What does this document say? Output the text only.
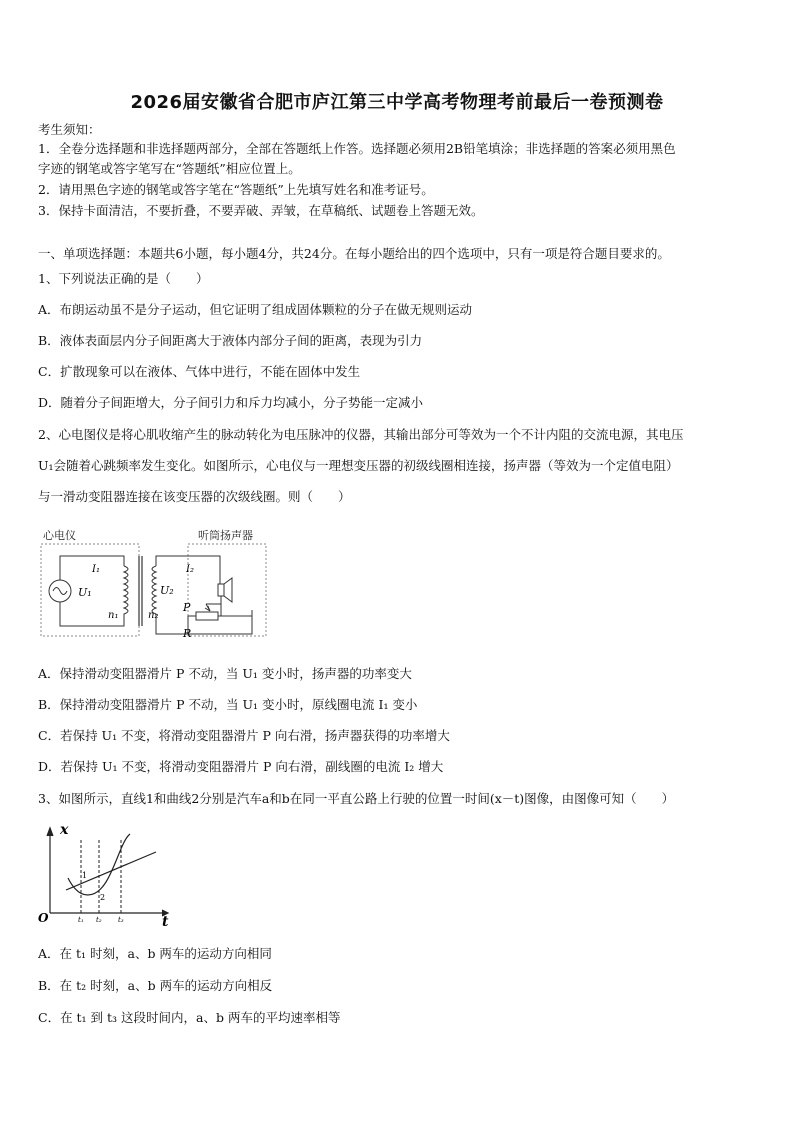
2026届安徽省合肥市庐江第三中学高考物理考前最后一卷预测卷
考生须知：
1．全卷分选择题和非选择题两部分，全部在答题纸上作答。选择题必须用2B铅笔填涂；非选择题的答案必须用黑色
字迹的钢笔或答字笔写在“答题纸”相应位置上。
2．请用黑色字迹的钢笔或答字笔在“答题纸”上先填写姓名和准考证号。
3．保持卡面清洁，不要折叠，不要弄破、弄皱，在草稿纸、试题卷上答题无效。
一、单项选择题：本题共6小题，每小题4分，共24分。在每小题给出的四个选项中，只有一项是符合题目要求的。
1、下列说法正确的是（　　）
A．布朗运动虽不是分子运动，但它证明了组成固体颗粒的分子在做无规则运动
B．液体表面层内分子间距离大于液体内部分子间的距离，表现为引力
C．扩散现象可以在液体、气体中进行，不能在固体中发生
D．随着分子间距增大，分子间引力和斥力均减小，分子势能一定减小
2、心电图仪是将心肌收缩产生的脉动转化为电压脉冲的仪器，其输出部分可等效为一个不计内阻的交流电源，其电压
U₁会随着心跳频率发生变化。如图所示，心电仪与一理想变压器的初级线圈相连接，扬声器（等效为一个定值电阻）
与一滑动变阻器连接在该变压器的次级线圈。则（　　）
心电仪	听筒扬声器
I₁
U₁
n₁
U₂
n₂
I₂
P
R
A．保持滑动变阻器滑片 P 不动，当 U₁ 变小时，扬声器的功率变大
B．保持滑动变阻器滑片 P 不动，当 U₁ 变小时，原线圈电流 I₁ 变小
C．若保持 U₁ 不变，将滑动变阻器滑片 P 向右滑，扬声器获得的功率增大
D．若保持 U₁ 不变，将滑动变阻器滑片 P 向右滑，副线圈的电流 I₂ 增大
3、如图所示，直线1和曲线2分别是汽车a和b在同一平直公路上行驶的位置一时间(x－t)图像，由图像可知（　　）
x
t
O
1
2
t₁ t₂ t₃
A．在 t₁ 时刻，a、b 两车的运动方向相同
B．在 t₂ 时刻，a、b 两车的运动方向相反
C．在 t₁ 到 t₃ 这段时间内，a、b 两车的平均速率相等
